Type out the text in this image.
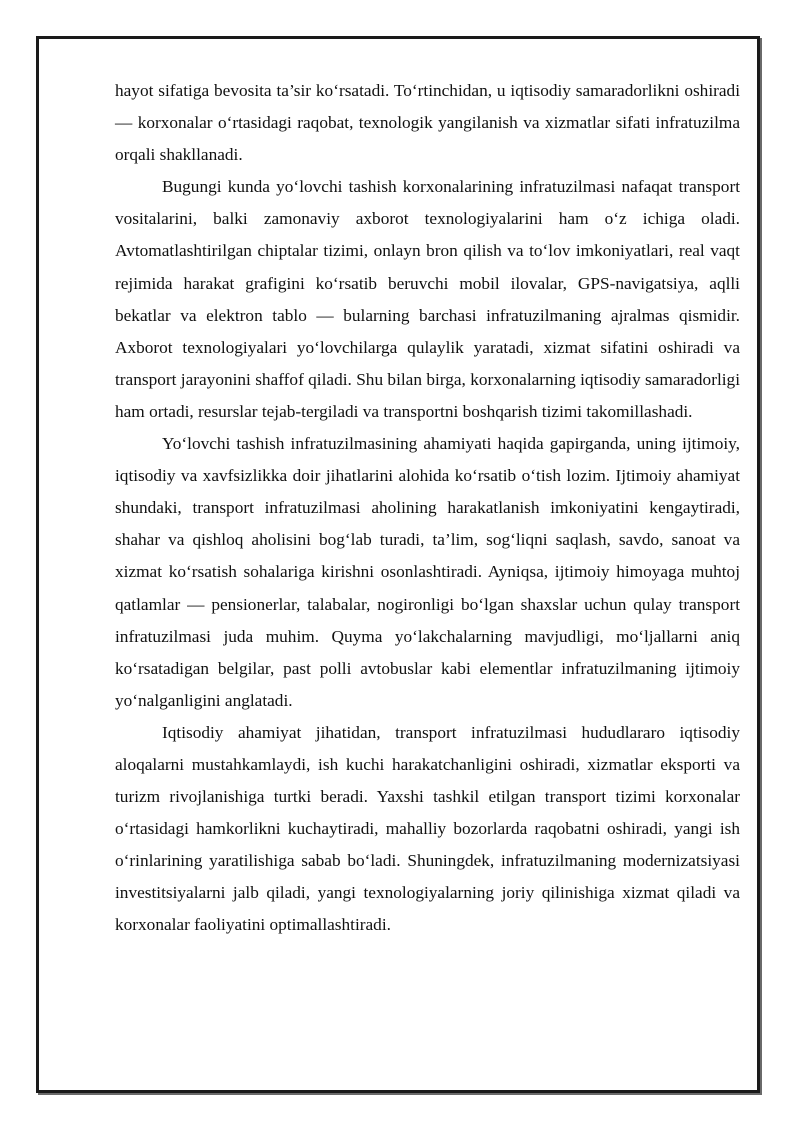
hayot sifatiga bevosita ta’sir ko‘rsatadi. To‘rtinchidan, u iqtisodiy samaradorlikni oshiradi — korxonalar o‘rtasidagi raqobat, texnologik yangilanish va xizmatlar sifati infratuzilma orqali shakllanadi.

Bugungi kunda yo‘lovchi tashish korxonalarining infratuzilmasi nafaqat transport vositalarini, balki zamonaviy axborot texnologiyalarini ham o‘z ichiga oladi. Avtomatlashtirilgan chiptalar tizimi, onlayn bron qilish va to‘lov imkoniyatlari, real vaqt rejimida harakat grafigini ko‘rsatib beruvchi mobil ilovalar, GPS-navigatsiya, aqlli bekatlar va elektron tablo — bularning barchasi infratuzilmaning ajralmas qismidir. Axborot texnologiyalari yo‘lovchilarga qulaylik yaratadi, xizmat sifatini oshiradi va transport jarayonini shaffof qiladi. Shu bilan birga, korxonalarning iqtisodiy samaradorligi ham ortadi, resurslar tejab-tergiladi va transportni boshqarish tizimi takomillashadi.

Yo‘lovchi tashish infratuzilmasining ahamiyati haqida gapirganda, uning ijtimoiy, iqtisodiy va xavfsizlikka doir jihatlarini alohida ko‘rsatib o‘tish lozim. Ijtimoiy ahamiyat shundaki, transport infratuzilmasi aholining harakatlanish imkoniyatini kengaytiradi, shahar va qishloq aholisini bog‘lab turadi, ta’lim, sog‘liqni saqlash, savdo, sanoat va xizmat ko‘rsatish sohalariga kirishni osonlashtiradi. Ayniqsa, ijtimoiy himoyaga muhtoj qatlamlar — pensionerlar, talabalar, nogironligi bo‘lgan shaxslar uchun qulay transport infratuzilmasi juda muhim. Quyma yo‘lakchalarning mavjudligi, mo‘ljallarni aniq ko‘rsatadigan belgilar, past polli avtobuslar kabi elementlar infratuzilmaning ijtimoiy yo‘nalganligini anglatadi.

Iqtisodiy ahamiyat jihatidan, transport infratuzilmasi hududlararo iqtisodiy aloqalarni mustahkamlaydi, ish kuchi harakatchanligini oshiradi, xizmatlar eksporti va turizm rivojlanishiga turtki beradi. Yaxshi tashkil etilgan transport tizimi korxonalar o‘rtasidagi hamkorlikni kuchaytiradi, mahalliy bozorlarda raqobatni oshiradi, yangi ish o‘rinlarining yaratilishiga sabab bo‘ladi. Shuningdek, infratuzilmaning modernizatsiyasi investitsiyalarni jalb qiladi, yangi texnologiyalarning joriy qilinishiga xizmat qiladi va korxonalar faoliyatini optimallashtiradi.
